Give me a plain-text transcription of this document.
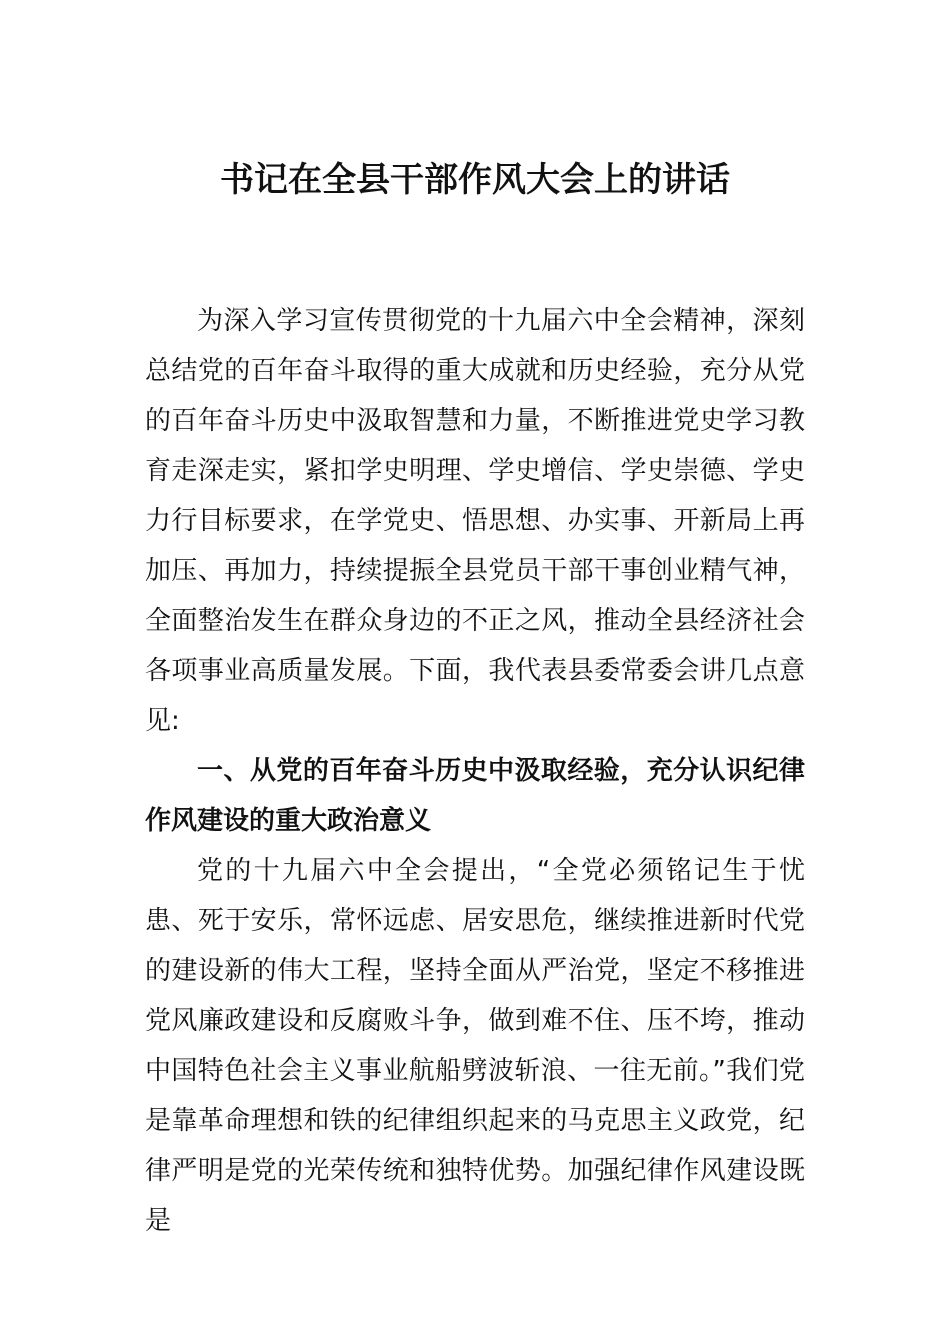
书记在全县干部作风大会上的讲话

为深入学习宣传贯彻党的十九届六中全会精神，深刻总结党的百年奋斗取得的重大成就和历史经验，充分从党的百年奋斗历史中汲取智慧和力量，不断推进党史学习教育走深走实，紧扣学史明理、学史增信、学史崇德、学史力行目标要求，在学党史、悟思想、办实事、开新局上再加压、再加力，持续提振全县党员干部干事创业精气神，全面整治发生在群众身边的不正之风，推动全县经济社会各项事业高质量发展。下面，我代表县委常委会讲几点意见:

一、从党的百年奋斗历史中汲取经验，充分认识纪律作风建设的重大政治意义

党的十九届六中全会提出，“全党必须铭记生于忧患、死于安乐，常怀远虑、居安思危，继续推进新时代党的建设新的伟大工程，坚持全面从严治党，坚定不移推进党风廉政建设和反腐败斗争，做到难不住、压不垮，推动中国特色社会主义事业航船劈波斩浪、一往无前。”我们党是靠革命理想和铁的纪律组织起来的马克思主义政党，纪律严明是党的光荣传统和独特优势。加强纪律作风建设既是
